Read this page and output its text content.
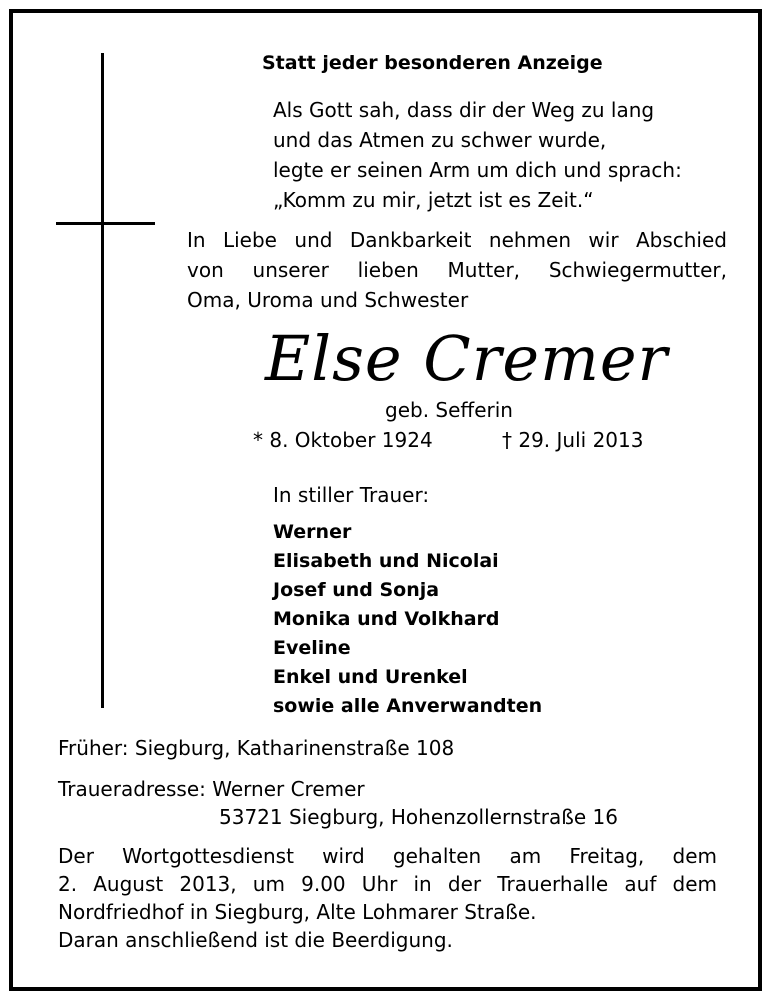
Statt jeder besonderen Anzeige
Als Gott sah, dass dir der Weg zu lang
und das Atmen zu schwer wurde,
legte er seinen Arm um dich und sprach:
„Komm zu mir, jetzt ist es Zeit.“
In Liebe und Dankbarkeit nehmen wir Abschied
von unserer lieben Mutter, Schwiegermutter,
Oma, Uroma und Schwester
Else Cremer
geb. Sefferin
* 8. Oktober 1924	† 29. Juli 2013
In stiller Trauer:
Werner
Elisabeth und Nicolai
Josef und Sonja
Monika und Volkhard
Eveline
Enkel und Urenkel
sowie alle Anverwandten
Früher: Siegburg, Katharinenstraße 108
Traueradresse: Werner Cremer
53721 Siegburg, Hohenzollernstraße 16
Der Wortgottesdienst wird gehalten am Freitag, dem
2. August 2013, um 9.00 Uhr in der Trauerhalle auf dem
Nordfriedhof in Siegburg, Alte Lohmarer Straße.
Daran anschließend ist die Beerdigung.
